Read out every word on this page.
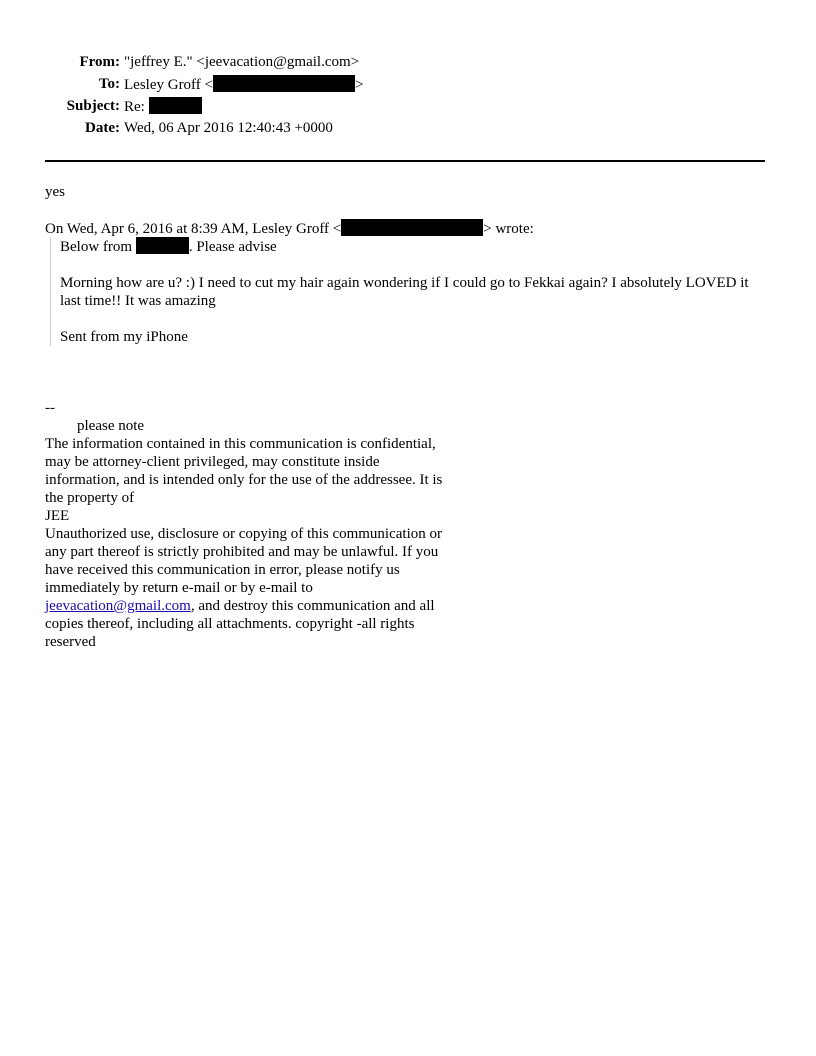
From: "jeffrey E." <jeevacation@gmail.com>
To: Lesley Groff <	>
Subject: Re:
Date: Wed, 06 Apr 2016 12:40:43 +0000

yes

On Wed, Apr 6, 2016 at 8:39 AM, Lesley Groff <	> wrote:

Below from	. Please advise

Morning how are u? :) I need to cut my hair again wondering if I could go to Fekkai again? I absolutely LOVED it last time!! It was amazing

Sent from my iPhone

--

please note

The information contained in this communication is confidential, may be attorney-client privileged, may constitute inside information, and is intended only for the use of the addressee. It is the property of

JEE

Unauthorized use, disclosure or copying of this communication or any part thereof is strictly prohibited and may be unlawful. If you have received this communication in error, please notify us immediately by return e-mail or by e-mail to jeevacation@gmail.com, and destroy this communication and all copies thereof, including all attachments. copyright -all rights reserved
